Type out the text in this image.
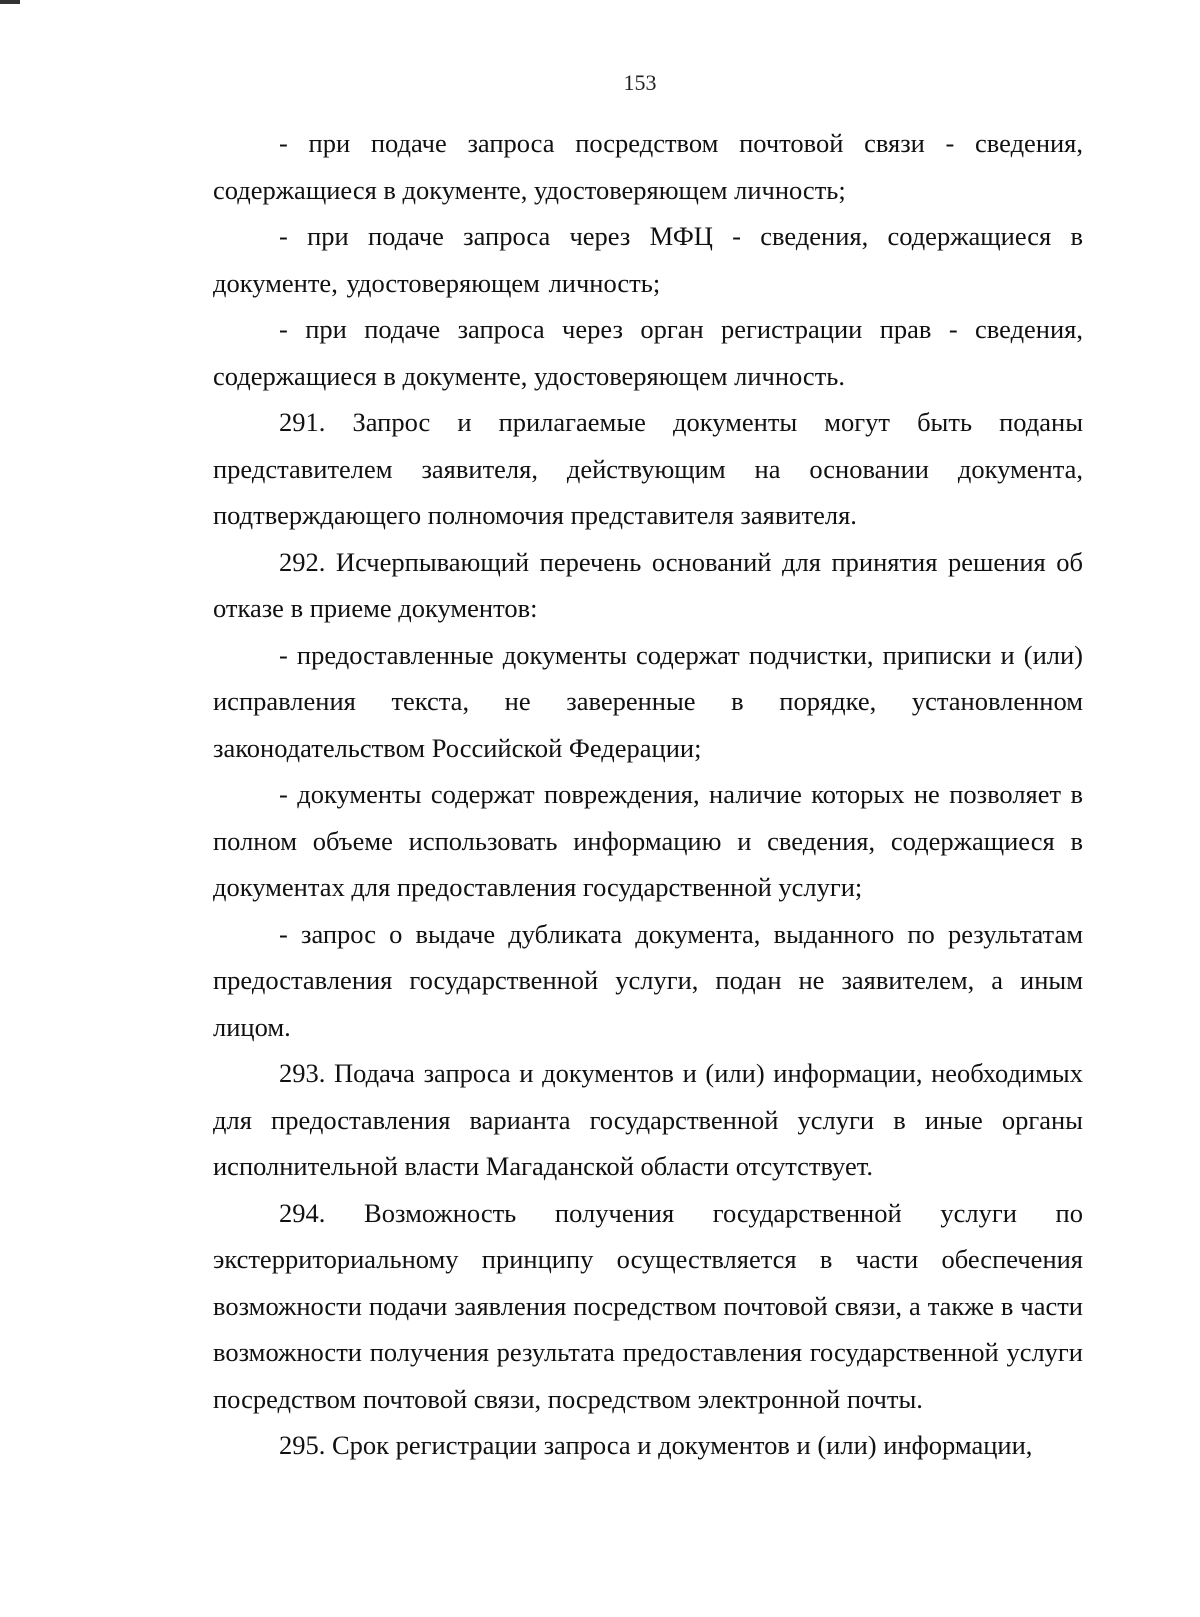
153

- при подаче запроса посредством почтовой связи - сведения, содержащиеся в документе, удостоверяющем личность;

- при подаче запроса через МФЦ - сведения, содержащиеся в документе, удостоверяющем личность;

- при подаче запроса через орган регистрации прав - сведения, содержащиеся в документе, удостоверяющем личность.

291. Запрос и прилагаемые документы могут быть поданы представителем заявителя, действующим на основании документа, подтверждающего полномочия представителя заявителя.

292. Исчерпывающий перечень оснований для принятия решения об отказе в приеме документов:

- предоставленные документы содержат подчистки, приписки и (или) исправления текста, не заверенные в порядке, установленном законодательством Российской Федерации;

- документы содержат повреждения, наличие которых не позволяет в полном объеме использовать информацию и сведения, содержащиеся в документах для предоставления государственной услуги;

- запрос о выдаче дубликата документа, выданного по результатам предоставления государственной услуги, подан не заявителем, а иным лицом.

293. Подача запроса и документов и (или) информации, необходимых для предоставления варианта государственной услуги в иные органы исполнительной власти Магаданской области отсутствует.

294. Возможность получения государственной услуги по экстерриториальному принципу осуществляется в части обеспечения возможности подачи заявления посредством почтовой связи, а также в части возможности получения результата предоставления государственной услуги посредством почтовой связи, посредством электронной почты.

295. Срок регистрации запроса и документов и (или) информации,
